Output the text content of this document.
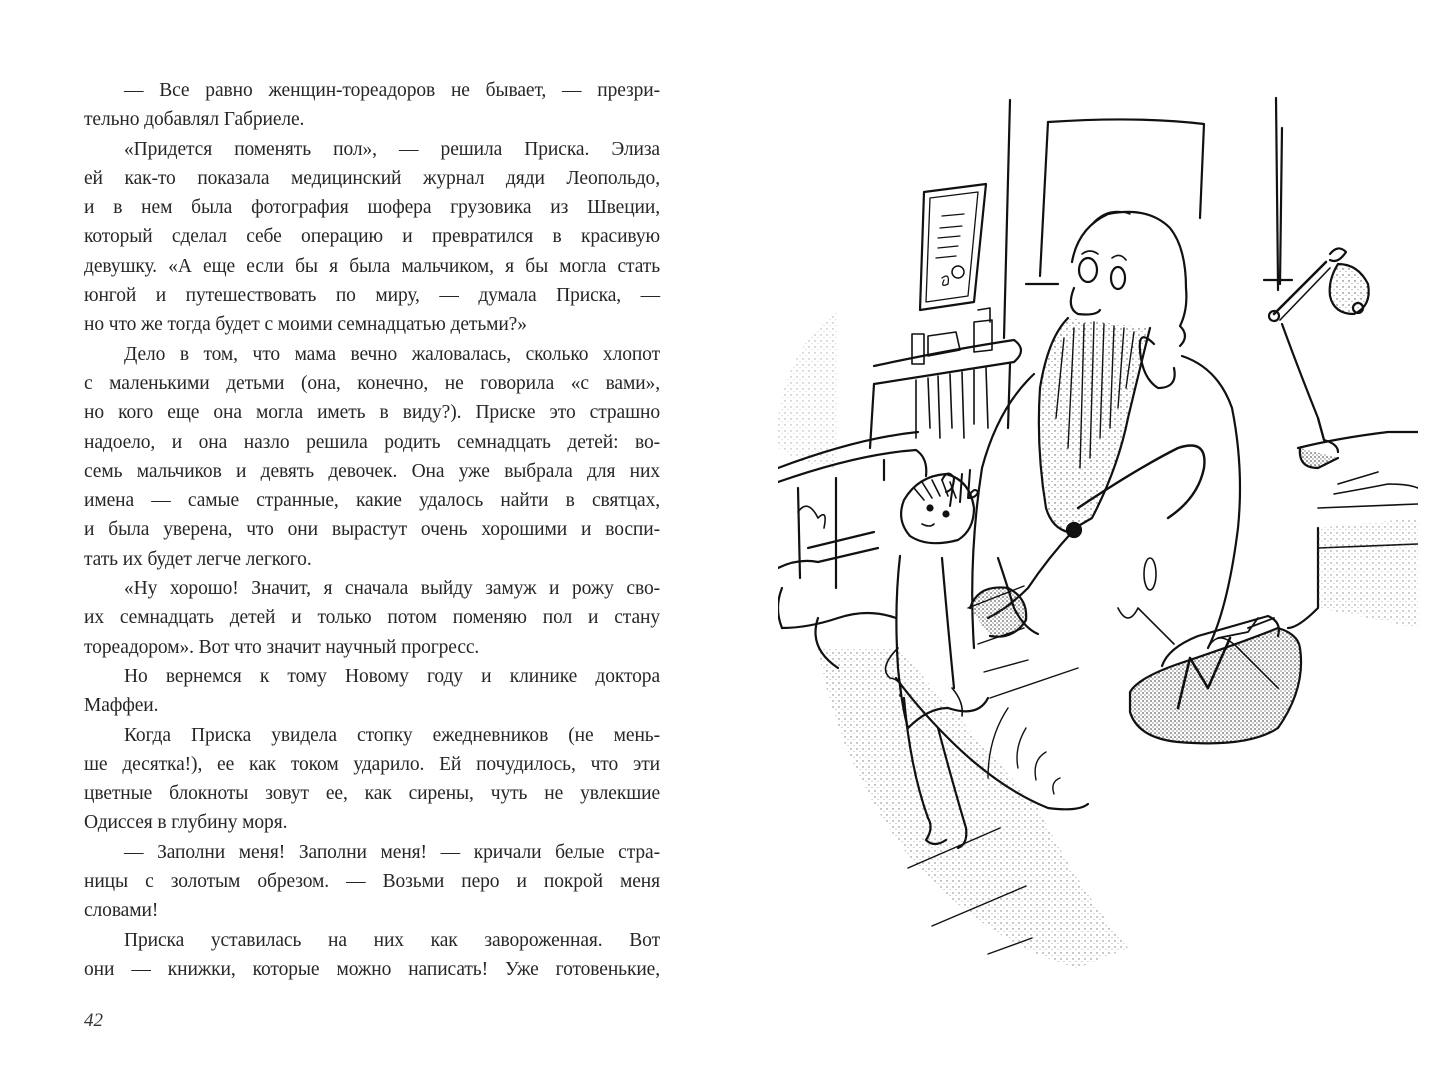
— Все равно женщин-тореадоров не бывает, — презри-
тельно добавлял Габриеле.
«Придется поменять пол», — решила Приска. Элиза
ей как-то показала медицинский журнал дяди Леопольдо,
и в нем была фотография шофера грузовика из Швеции,
который сделал себе операцию и превратился в красивую
девушку. «А еще если бы я была мальчиком, я бы могла стать
юнгой и путешествовать по миру, — думала Приска, —
но что же тогда будет с моими семнадцатью детьми?»
Дело в том, что мама вечно жаловалась, сколько хлопот
с маленькими детьми (она, конечно, не говорила «с вами»,
но кого еще она могла иметь в виду?). Приске это страшно
надоело, и она назло решила родить семнадцать детей: во-
семь мальчиков и девять девочек. Она уже выбрала для них
имена — самые странные, какие удалось найти в святцах,
и была уверена, что они вырастут очень хорошими и воспи-
тать их будет легче легкого.
«Ну хорошо! Значит, я сначала выйду замуж и рожу сво-
их семнадцать детей и только потом поменяю пол и стану
тореадором». Вот что значит научный прогресс.
Но вернемся к тому Новому году и клинике доктора
Маффеи.
Когда Приска увидела стопку ежедневников (не мень-
ше десятка!), ее как током ударило. Ей почудилось, что эти
цветные блокноты зовут ее, как сирены, чуть не увлекшие
Одиссея в глубину моря.
— Заполни меня! Заполни меня! — кричали белые стра-
ницы с золотым обрезом. — Возьми перо и покрой меня
словами!
Приска уставилась на них как завороженная. Вот
они — книжки, которые можно написать! Уже готовенькие,
42
